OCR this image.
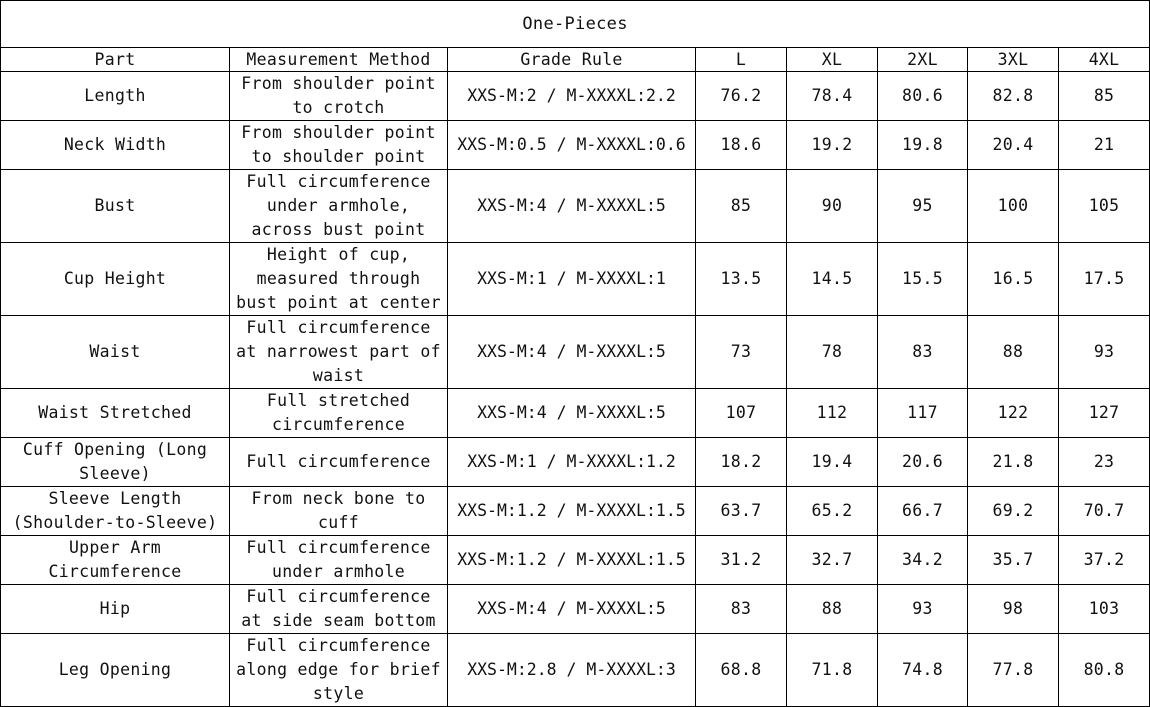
One-Pieces							
Part	Measurement Method	Grade Rule	L	XL	2XL	3XL	4XL
Length	From shoulder point to crotch	XXS-M:2 / M-XXXXL:2.2	76.2	78.4	80.6	82.8	85
Neck Width	From shoulder point to shoulder point	XXS-M:0.5 / M-XXXXL:0.6	18.6	19.2	19.8	20.4	21
Bust	Full circumference under armhole, across bust point	XXS-M:4 / M-XXXXL:5	85	90	95	100	105
Cup Height	Height of cup, measured through bust point at center	XXS-M:1 / M-XXXXL:1	13.5	14.5	15.5	16.5	17.5
Waist	Full circumference at narrowest part of waist	XXS-M:4 / M-XXXXL:5	73	78	83	88	93
Waist Stretched	Full stretched circumference	XXS-M:4 / M-XXXXL:5	107	112	117	122	127
Cuff Opening (Long Sleeve)	Full circumference	XXS-M:1 / M-XXXXL:1.2	18.2	19.4	20.6	21.8	23
Sleeve Length (Shoulder-to-Sleeve)	From neck bone to cuff	XXS-M:1.2 / M-XXXXL:1.5	63.7	65.2	66.7	69.2	70.7
Upper Arm Circumference	Full circumference under armhole	XXS-M:1.2 / M-XXXXL:1.5	31.2	32.7	34.2	35.7	37.2
Hip	Full circumference at side seam bottom	XXS-M:4 / M-XXXXL:5	83	88	93	98	103
Leg Opening	Full circumference along edge for brief style	XXS-M:2.8 / M-XXXXL:3	68.8	71.8	74.8	77.8	80.8
